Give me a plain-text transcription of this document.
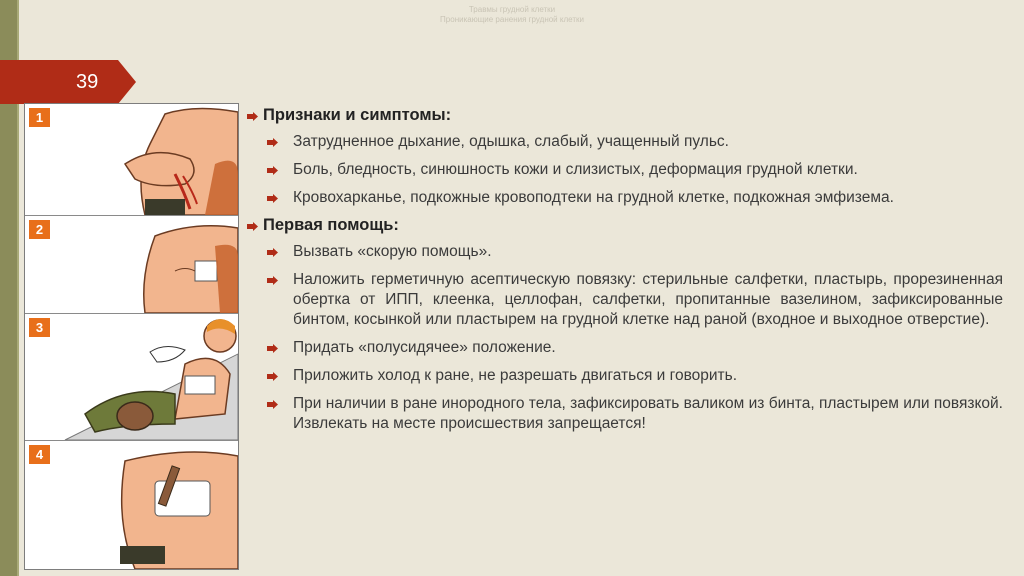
Травмы грудной клетки
Проникающие ранения грудной клетки
39
1
2
3
4
Признаки и симптомы:
Затрудненное дыхание, одышка, слабый, учащенный пульс.
Боль, бледность, синюшность кожи и слизистых, деформация грудной клетки.
Кровохарканье, подкожные кровоподтеки на грудной клетке, подкожная эмфизема.
Первая помощь:
Вызвать «скорую помощь».
Наложить герметичную асептическую повязку: стерильные салфетки, пластырь, прорезиненная обертка от ИПП, клеенка, целлофан, салфетки, пропитанные вазелином, зафиксированные бинтом, косынкой или пластырем на грудной клетке над раной (входное и выходное отверстие).
Придать «полусидячее» положение.
Приложить холод к ране, не разрешать двигаться и говорить.
При наличии в ране инородного тела, зафиксировать валиком из бинта, пластырем или повязкой. Извлекать на месте происшествия запрещается!
